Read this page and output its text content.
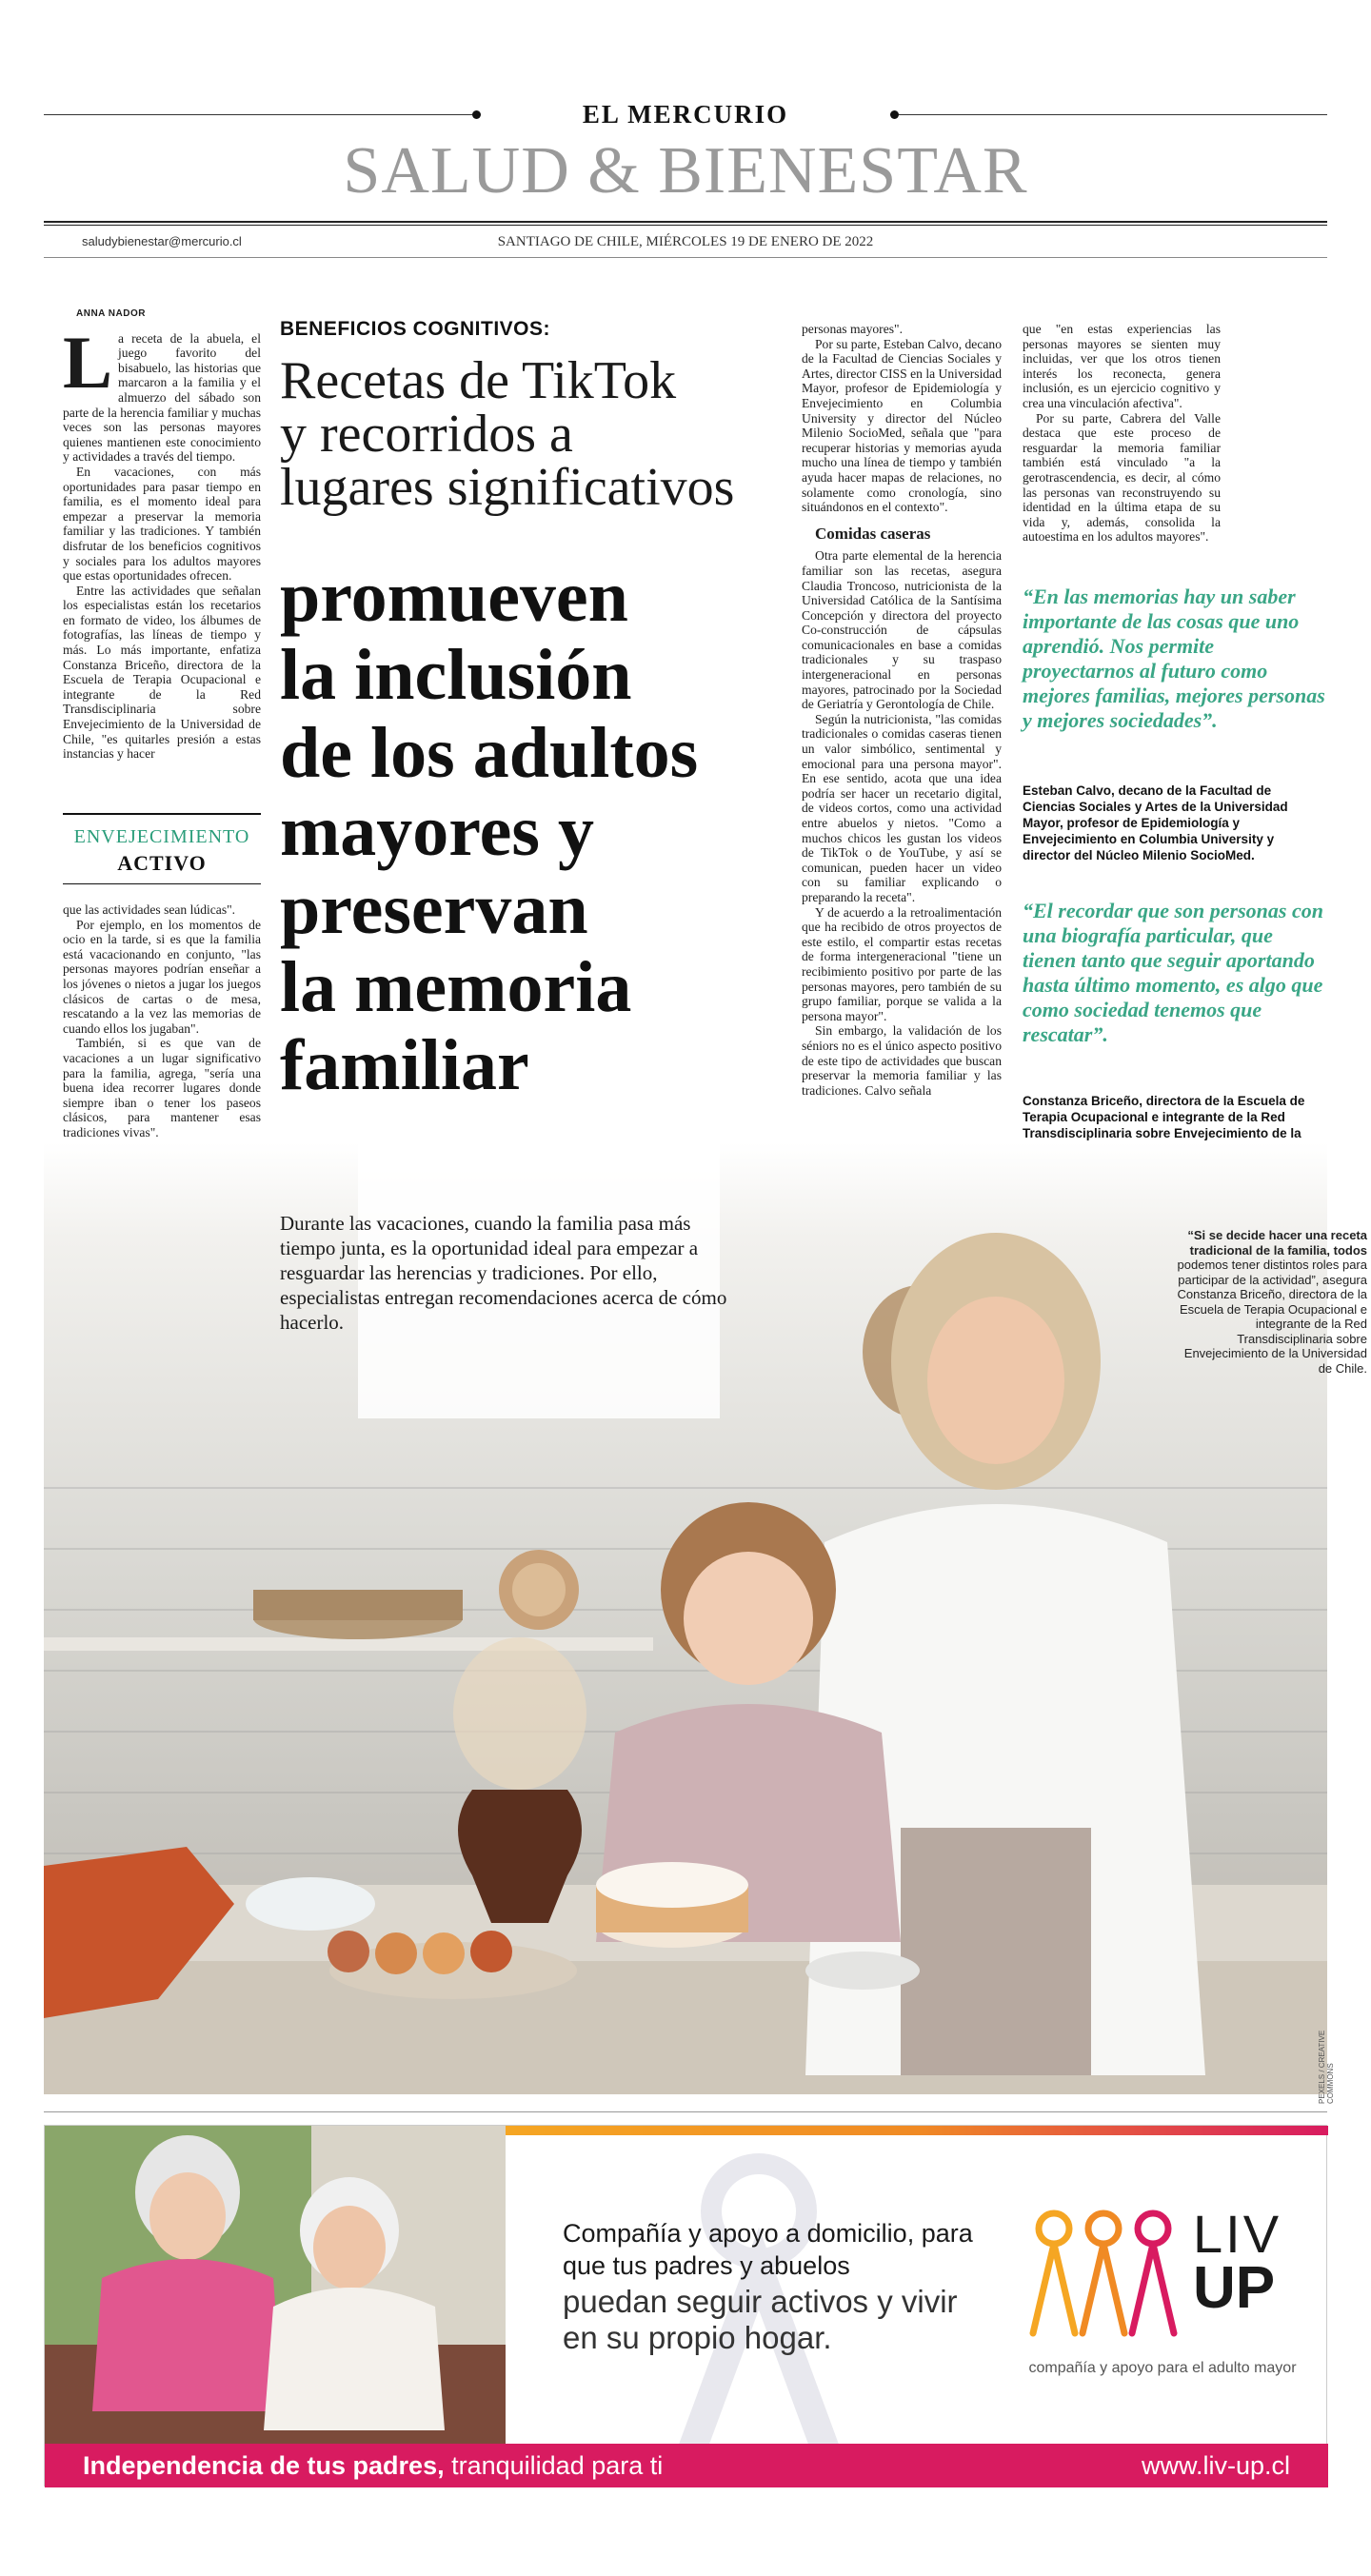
EL MERCURIO
SALUD & BIENESTAR
saludybienestar@mercurio.cl	SANTIAGO DE CHILE, MIÉRCOLES 19 DE ENERO DE 2022

ANNA NADOR

La receta de la abuela, el juego favorito del bisabuelo, las historias que marcaron a la familia y el almuerzo del sábado son parte de la herencia familiar y muchas veces son las personas mayores quienes mantienen este conocimiento y actividades a través del tiempo.

En vacaciones, con más oportunidades para pasar tiempo en familia, es el momento ideal para empezar a preservar la memoria familiar y las tradiciones. Y también disfrutar de los beneficios cognitivos y sociales para los adultos mayores que estas oportunidades ofrecen.

Entre las actividades que señalan los especialistas están los recetarios en formato de video, los álbumes de fotografías, las líneas de tiempo y más. Lo más importante, enfatiza Constanza Briceño, directora de la Escuela de Terapia Ocupacional e integrante de la Red Transdisciplinaria sobre Envejecimiento de la Universidad de Chile, "es quitarles presión a estas instancias y hacer

ENVEJECIMIENTO
ACTIVO

que las actividades sean lúdicas".

Por ejemplo, en los momentos de ocio en la tarde, si es que la familia está vacacionando en conjunto, "las personas mayores podrían enseñar a los jóvenes o nietos a jugar los juegos clásicos de cartas o de mesa, rescatando a la vez las memorias de cuando ellos los jugaban".

También, si es que van de vacaciones a un lugar significativo para la familia, agrega, "sería una buena idea recorrer lugares donde siempre iban o tener los paseos clásicos, para mantener esas tradiciones vivas".

BENEFICIOS COGNITIVOS:
Recetas de TikTok
y recorridos a
lugares significativos
promueven
la inclusión
de los adultos
mayores y
preservan
la memoria
familiar

personas mayores".

Por su parte, Esteban Calvo, decano de la Facultad de Ciencias Sociales y Artes, director CISS en la Universidad Mayor, profesor de Epidemiología y Envejecimiento en Columbia University y director del Núcleo Milenio SocioMed, señala que "para recuperar historias y memorias ayuda mucho una línea de tiempo y también ayuda hacer mapas de relaciones, no solamente como cronología, sino situándonos en el contexto".

Comidas caseras

Otra parte elemental de la herencia familiar son las recetas, asegura Claudia Troncoso, nutricionista de la Universidad Católica de la Santísima Concepción y directora del proyecto Co-construcción de cápsulas comunicacionales en base a comidas tradicionales y su traspaso intergeneracional en personas mayores, patrocinado por la Sociedad de Geriatría y Gerontología de Chile.

Según la nutricionista, "las comidas tradicionales o comidas caseras tienen un valor simbólico, sentimental y emocional para una persona mayor". En ese sentido, acota que una idea podría ser hacer un recetario digital, de videos cortos, como una actividad entre abuelos y nietos. "Como a muchos chicos les gustan los videos de TikTok o de YouTube, y así se comunican, pueden hacer un video con su familiar explicando o preparando la receta".

Y de acuerdo a la retroalimentación que ha recibido de otros proyectos de este estilo, el compartir estas recetas de forma intergeneracional "tiene un recibimiento positivo por parte de las personas mayores, pero también de su grupo familiar, porque se valida a la persona mayor".

Sin embargo, la validación de los séniors no es el único aspecto positivo de este tipo de actividades que buscan preservar la memoria familiar y las tradiciones. Calvo señala

que "en estas experiencias las personas mayores se sienten muy incluidas, ver que los otros tienen interés los reconecta, genera inclusión, es un ejercicio cognitivo y crea una vinculación afectiva".

Por su parte, Cabrera del Valle destaca que este proceso de resguardar la memoria familiar también está vinculado "a la gerotrascendencia, es decir, al cómo las personas van reconstruyendo su identidad en la última etapa de su vida y, además, consolida la autoestima en los adultos mayores".

“En las memorias hay un saber importante de las cosas que uno aprendió. Nos permite proyectarnos al futuro como mejores familias, mejores personas y mejores sociedades”.
Esteban Calvo, decano de la Facultad de Ciencias Sociales y Artes de la Universidad Mayor, profesor de Epidemiología y Envejecimiento en Columbia University y director del Núcleo Milenio SocioMed.
“El recordar que son personas con una biografía particular, que tienen tanto que seguir aportando hasta último momento, es algo que como sociedad tenemos que rescatar”.
Constanza Briceño, directora de la Escuela de Terapia Ocupacional e integrante de la Red Transdisciplinaria sobre Envejecimiento de la
“Si se decide hacer una receta tradicional de la familia, todos podemos tener distintos roles para participar de la actividad”, asegura Constanza Briceño, directora de la Escuela de Terapia Ocupacional e integrante de la Red Transdisciplinaria sobre Envejecimiento de la Universidad de Chile.
PEXELS / CREATIVE COMMONS
Durante las vacaciones, cuando la familia pasa más tiempo junta, es la oportunidad ideal para empezar a resguardar las herencias y tradiciones. Por ello, especialistas entregan recomendaciones acerca de cómo hacerlo.
Compañía y apoyo a domicilio, para que tus padres y abuelos
puedan seguir activos y vivir en su propio hogar.
LIV
UP
compañía y apoyo para el adulto mayor
Independencia de tus padres, tranquilidad para ti	www.liv-up.cl
